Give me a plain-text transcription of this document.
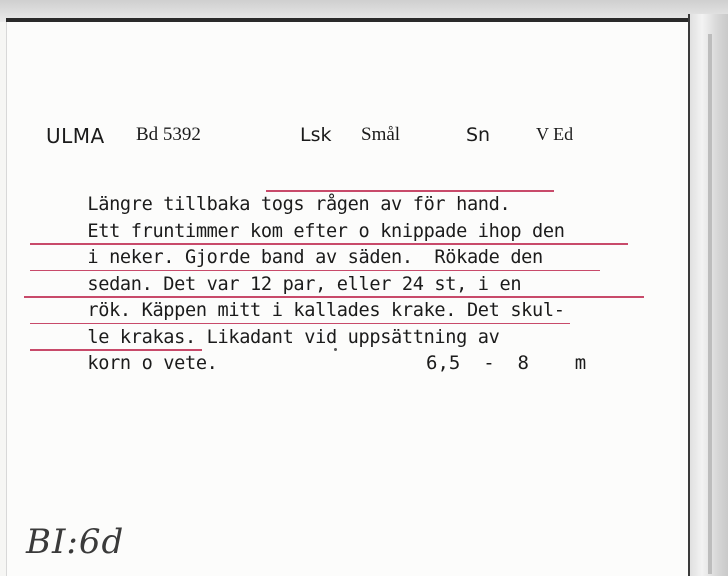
ULMA Bd 5392	Lsk Smål	Sn	V Ed

Längre tillbaka togs rågen av för hand.

Ett fruntimmer kom efter o knippade ihop den

i neker. Gjorde band av säden.  Rökade den

sedan. Det var 12 par, eller 24 st, i en

rök. Käppen mitt i kallades krake. Det skul-

le krakas. Likadant vid uppsättning av

korn o vete.

	6,5  -  8    m
BI:6d
